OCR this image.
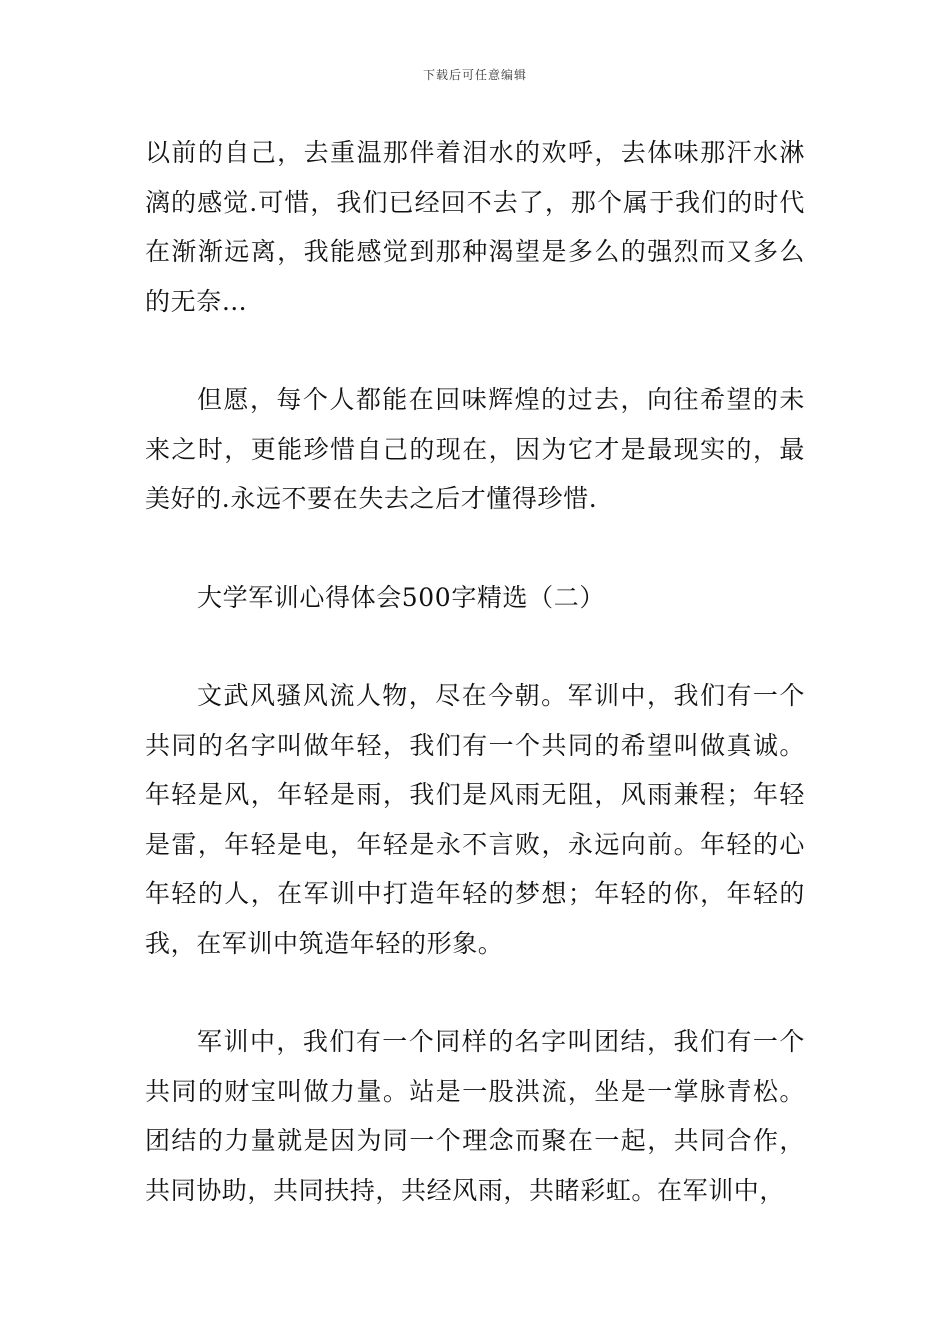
下载后可任意编辑

以前的自己，去重温那伴着泪水的欢呼，去体味那汗水淋漓的感觉.可惜，我们已经回不去了，那个属于我们的时代在渐渐远离，我能感觉到那种渴望是多么的强烈而又多么的无奈…

但愿，每个人都能在回味辉煌的过去，向往希望的未来之时，更能珍惜自己的现在，因为它才是最现实的，最美好的.永远不要在失去之后才懂得珍惜.

大学军训心得体会500字精选（二）

文武风骚风流人物，尽在今朝。军训中，我们有一个共同的名字叫做年轻，我们有一个共同的希望叫做真诚。年轻是风，年轻是雨，我们是风雨无阻，风雨兼程；年轻是雷，年轻是电，年轻是永不言败，永远向前。年轻的心年轻的人，在军训中打造年轻的梦想；年轻的你，年轻的我，在军训中筑造年轻的形象。

军训中，我们有一个同样的名字叫团结，我们有一个共同的财宝叫做力量。站是一股洪流，坐是一掌脉青松。团结的力量就是因为同一个理念而聚在一起，共同合作，共同协助，共同扶持，共经风雨，共睹彩虹。在军训中，
